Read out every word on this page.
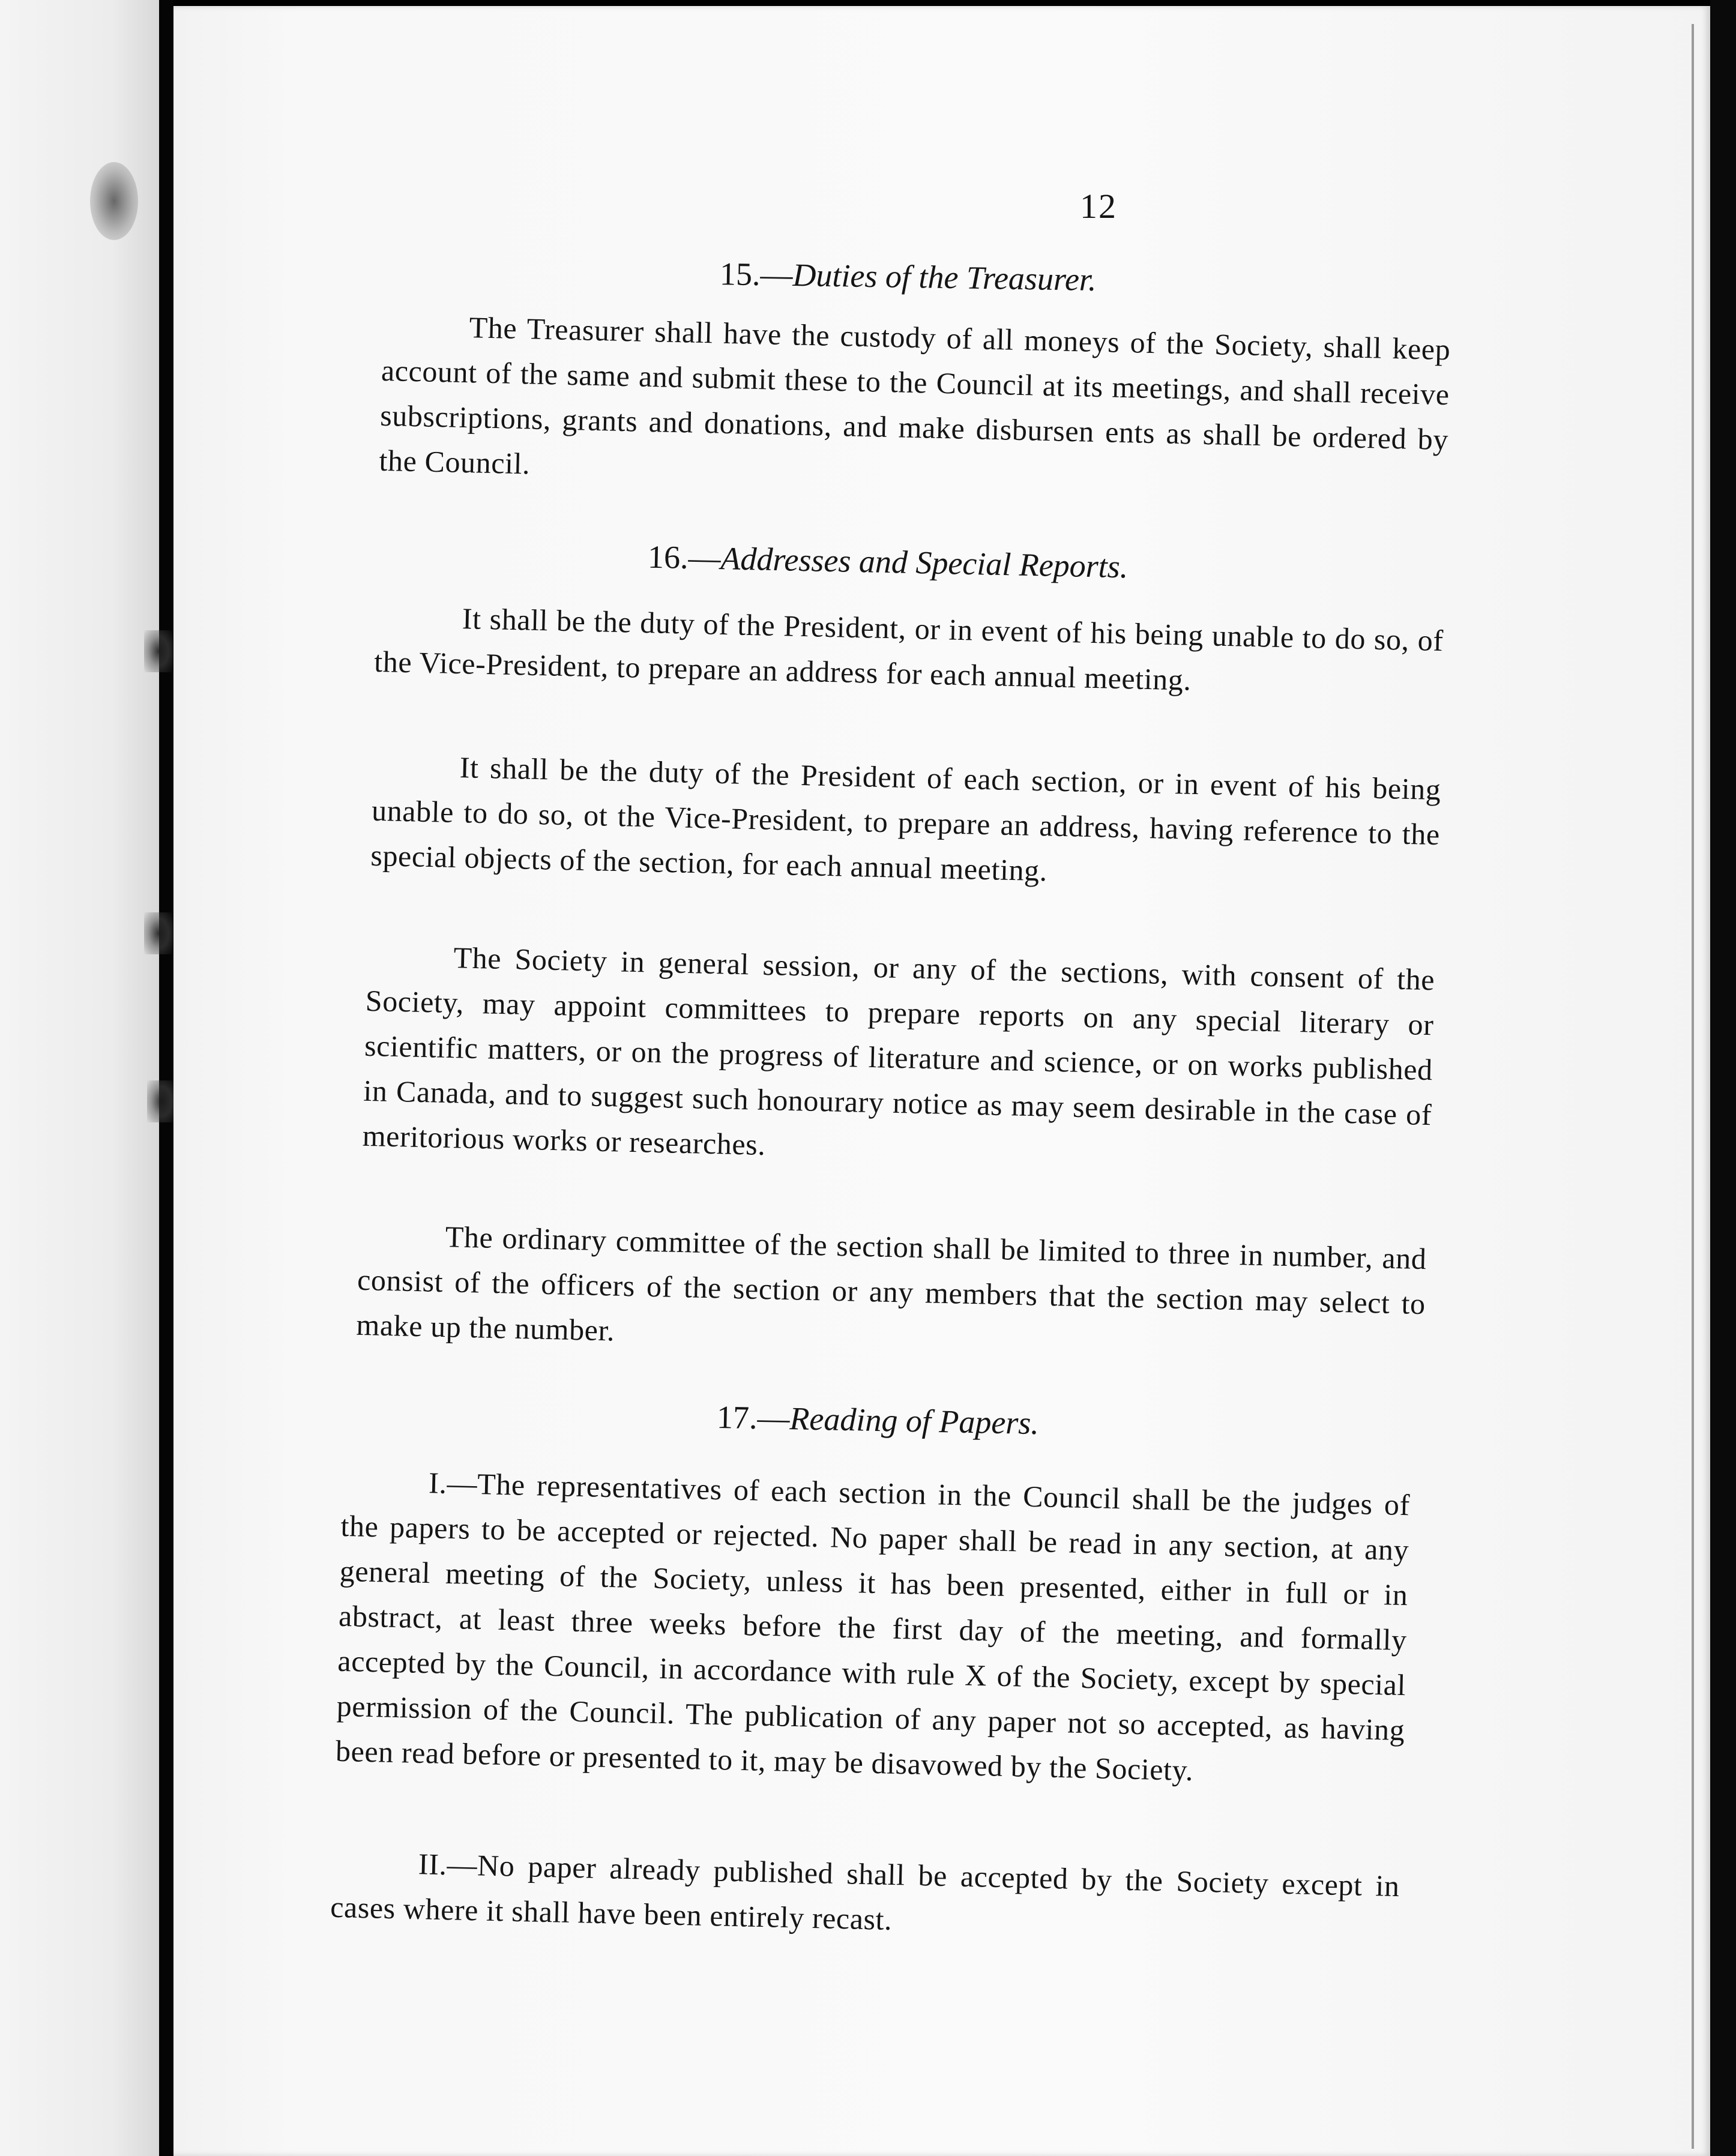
12
15.—Duties of the Treasurer.
The Treasurer shall have the custody of all moneys of the Society, shall keep account of the same and submit these to the Council at its meetings, and shall receive subscriptions, grants and donations, and make disbursen ents as shall be ordered by the Council.
16.—Addresses and Special Reports.
It shall be the duty of the President, or in event of his being unable to do so, of the Vice-President, to prepare an address for each annual meeting.
It shall be the duty of the President of each section, or in event of his being unable to do so, ot the Vice-President, to prepare an address, having reference to the special objects of the section, for each annual meeting.
The Society in general session, or any of the sections, with consent of the Society, may appoint committees to prepare reports on any special literary or scientific matters, or on the progress of literature and science, or on works published in Canada, and to suggest such honourary notice as may seem desirable in the case of meritorious works or researches.
The ordinary committee of the section shall be limited to three in number, and consist of the officers of the section or any members that the section may select to make up the number.
17.—Reading of Papers.
I.—The representatives of each section in the Council shall be the judges of the papers to be accepted or rejected. No paper shall be read in any section, at any general meeting of the Society, unless it has been presented, either in full or in abstract, at least three weeks before the first day of the meeting, and formally accepted by the Council, in accordance with rule X of the Society, except by special permission of the Council. The publication of any paper not so accepted, as having been read before or presented to it, may be disavowed by the Society.
II.—No paper already published shall be accepted by the Society except in cases where it shall have been entirely recast.
